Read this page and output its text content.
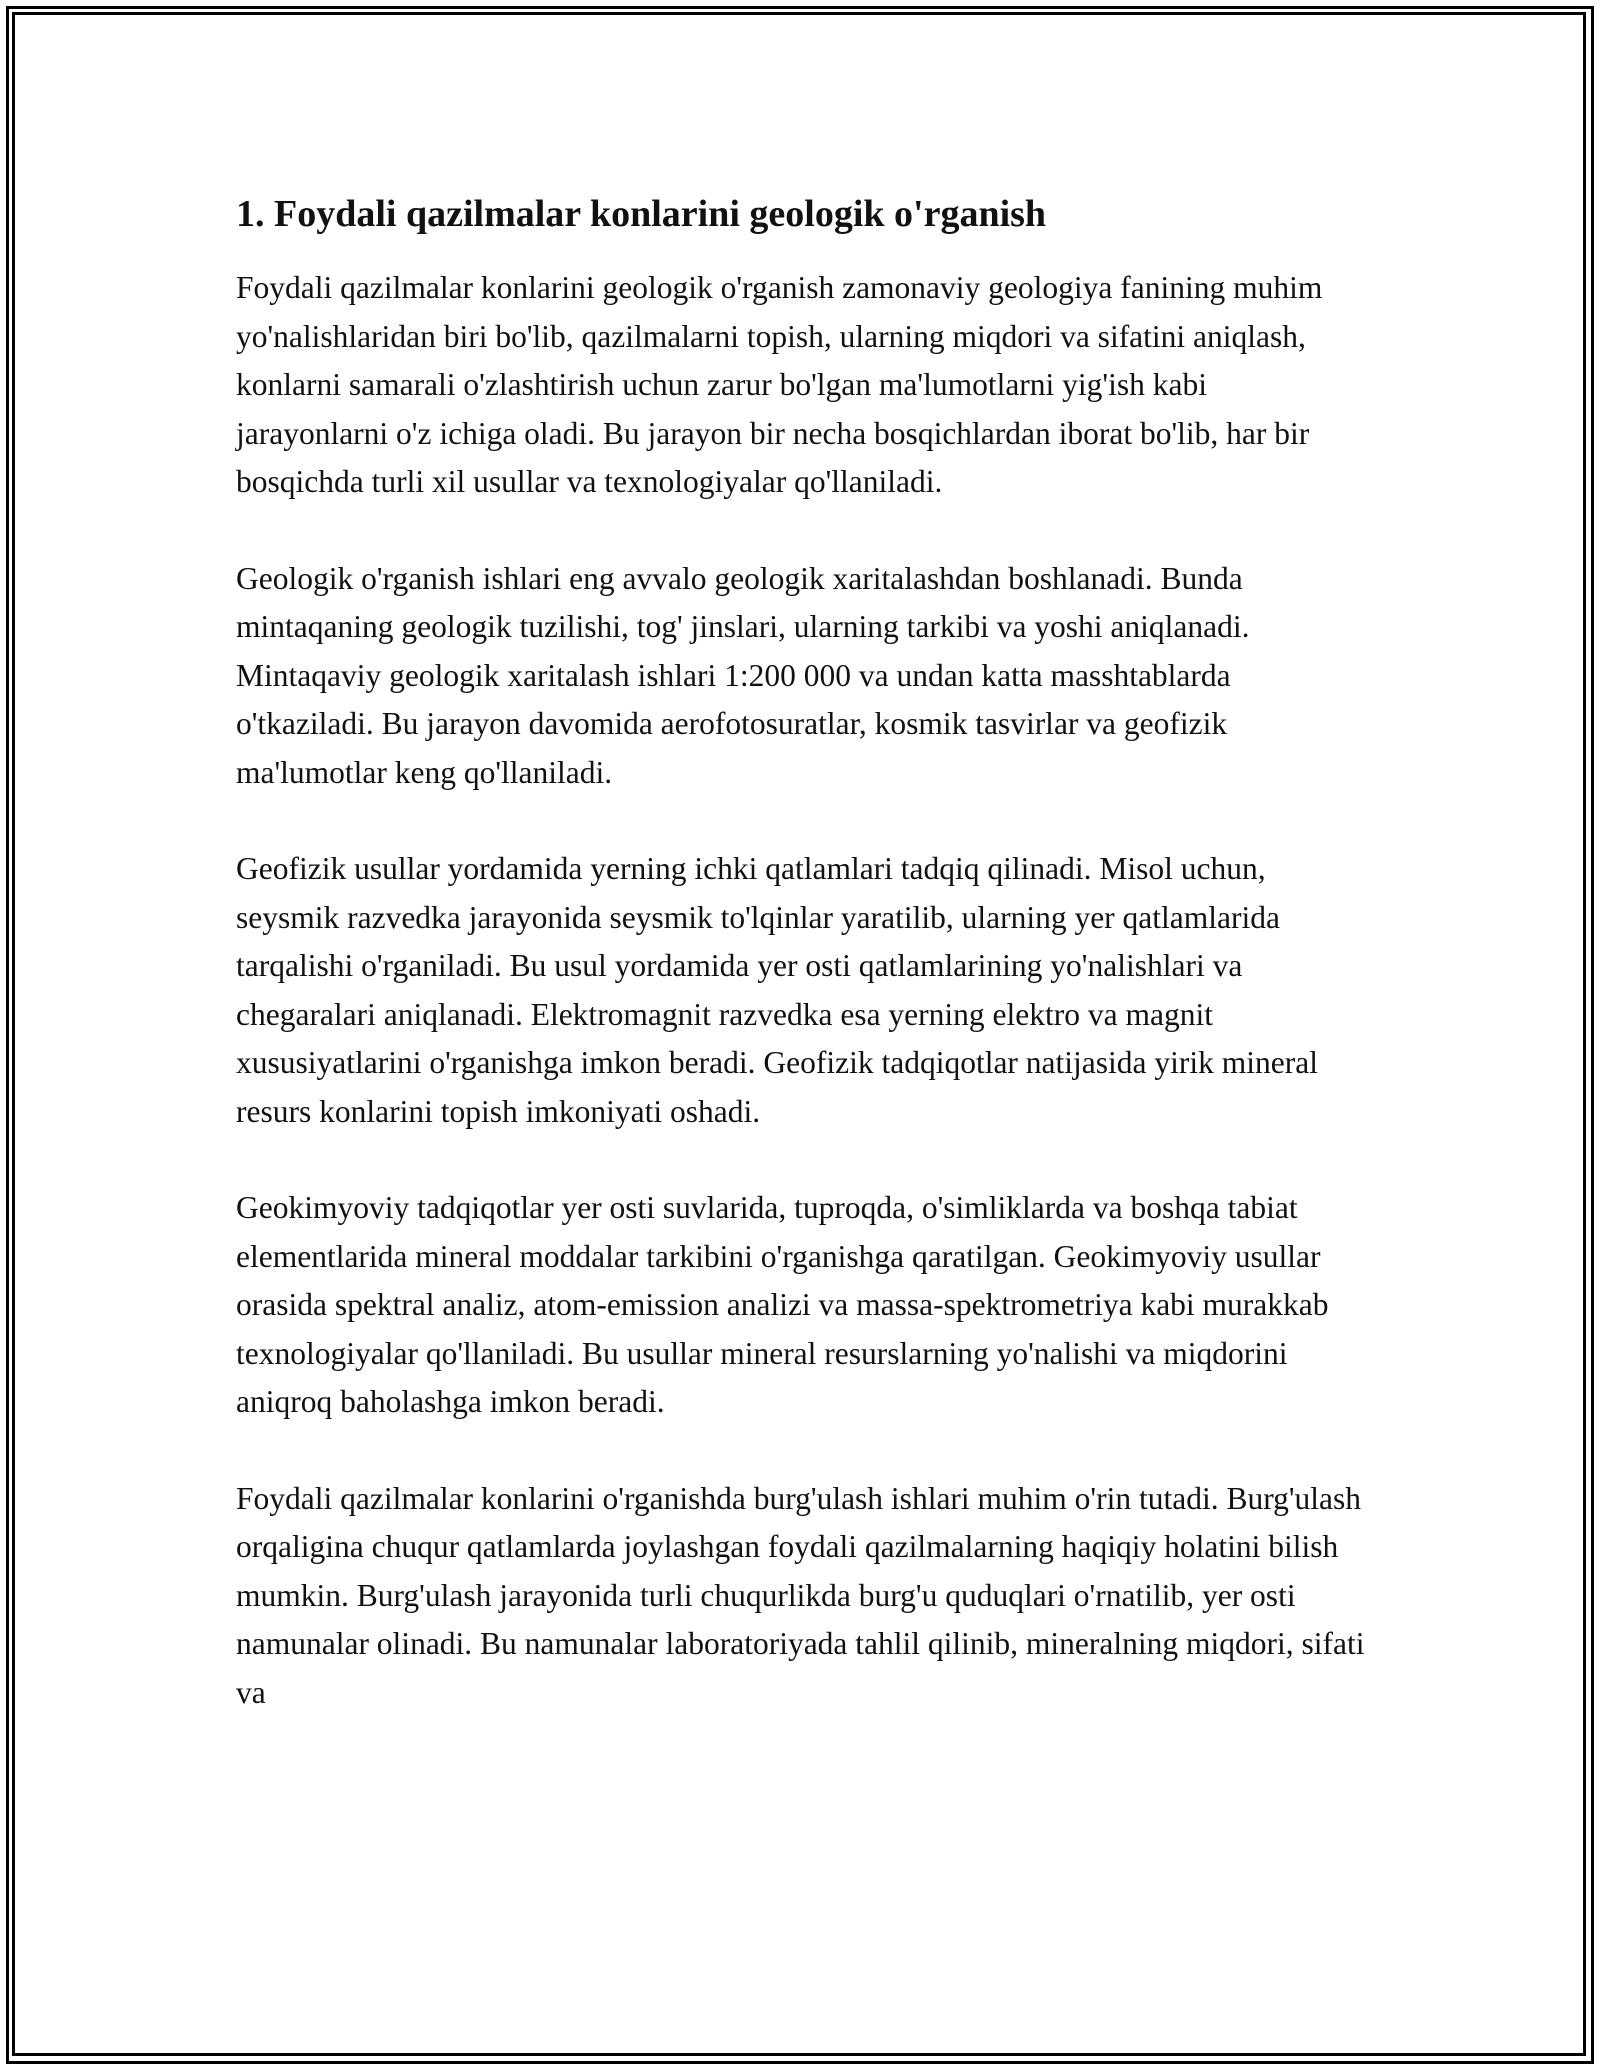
1. Foydali qazilmalar konlarini geologik o'rganish

Foydali qazilmalar konlarini geologik o'rganish zamonaviy geologiya fanining muhim yo'nalishlaridan biri bo'lib, qazilmalarni topish, ularning miqdori va sifatini aniqlash, konlarni samarali o'zlashtirish uchun zarur bo'lgan ma'lumotlarni yig'ish kabi jarayonlarni o'z ichiga oladi. Bu jarayon bir necha bosqichlardan iborat bo'lib, har bir bosqichda turli xil usullar va texnologiyalar qo'llaniladi.

Geologik o'rganish ishlari eng avvalo geologik xaritalashdan boshlanadi. Bunda mintaqaning geologik tuzilishi, tog' jinslari, ularning tarkibi va yoshi aniqlanadi. Mintaqaviy geologik xaritalash ishlari 1:200 000 va undan katta masshtablarda o'tkaziladi. Bu jarayon davomida aerofotosuratlar, kosmik tasvirlar va geofizik ma'lumotlar keng qo'llaniladi.

Geofizik usullar yordamida yerning ichki qatlamlari tadqiq qilinadi. Misol uchun, seysmik razvedka jarayonida seysmik to'lqinlar yaratilib, ularning yer qatlamlarida tarqalishi o'rganiladi. Bu usul yordamida yer osti qatlamlarining yo'nalishlari va chegaralari aniqlanadi. Elektromagnit razvedka esa yerning elektro va magnit xususiyatlarini o'rganishga imkon beradi. Geofizik tadqiqotlar natijasida yirik mineral resurs konlarini topish imkoniyati oshadi.

Geokimyoviy tadqiqotlar yer osti suvlarida, tuproqda, o'simliklarda va boshqa tabiat elementlarida mineral moddalar tarkibini o'rganishga qaratilgan. Geokimyoviy usullar orasida spektral analiz, atom-emission analizi va massa-spektrometriya kabi murakkab texnologiyalar qo'llaniladi. Bu usullar mineral resurslarning yo'nalishi va miqdorini aniqroq baholashga imkon beradi.

Foydali qazilmalar konlarini o'rganishda burg'ulash ishlari muhim o'rin tutadi. Burg'ulash orqaligina chuqur qatlamlarda joylashgan foydali qazilmalarning haqiqiy holatini bilish mumkin. Burg'ulash jarayonida turli chuqurlikda burg'u quduqlari o'rnatilib, yer osti namunalar olinadi. Bu namunalar laboratoriyada tahlil qilinib, mineralning miqdori, sifati va
